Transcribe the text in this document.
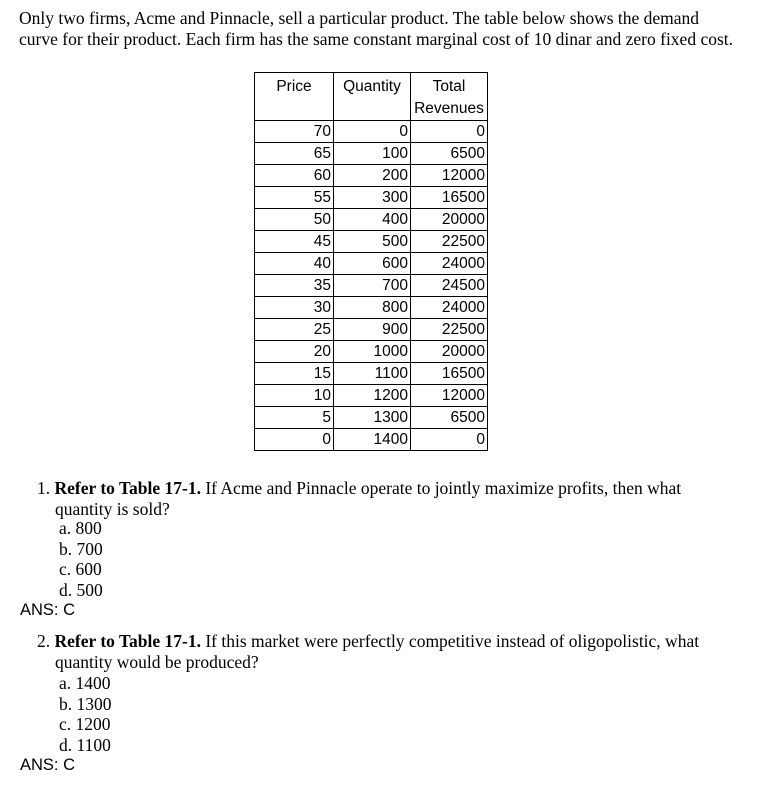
Only two firms, Acme and Pinnacle, sell a particular product. The table below shows the demand curve for their product. Each firm has the same constant marginal cost of 10 dinar and zero fixed cost.

Price	Quantity	Total
Revenues
70	0	0
65	100	6500
60	200	12000
55	300	16500
50	400	20000
45	500	22500
40	600	24000
35	700	24500
30	800	24000
25	900	22500
20	1000	20000
15	1100	16500
10	1200	12000
5	1300	6500
0	1400	0
1. Refer to Table 17-1. If Acme and Pinnacle operate to jointly maximize profits, then what
quantity is sold?
a. 800
b. 700
c. 600
d. 500
ANS: C
2. Refer to Table 17-1. If this market were perfectly competitive instead of oligopolistic, what
quantity would be produced?
a. 1400
b. 1300
c. 1200
d. 1100
ANS: C
